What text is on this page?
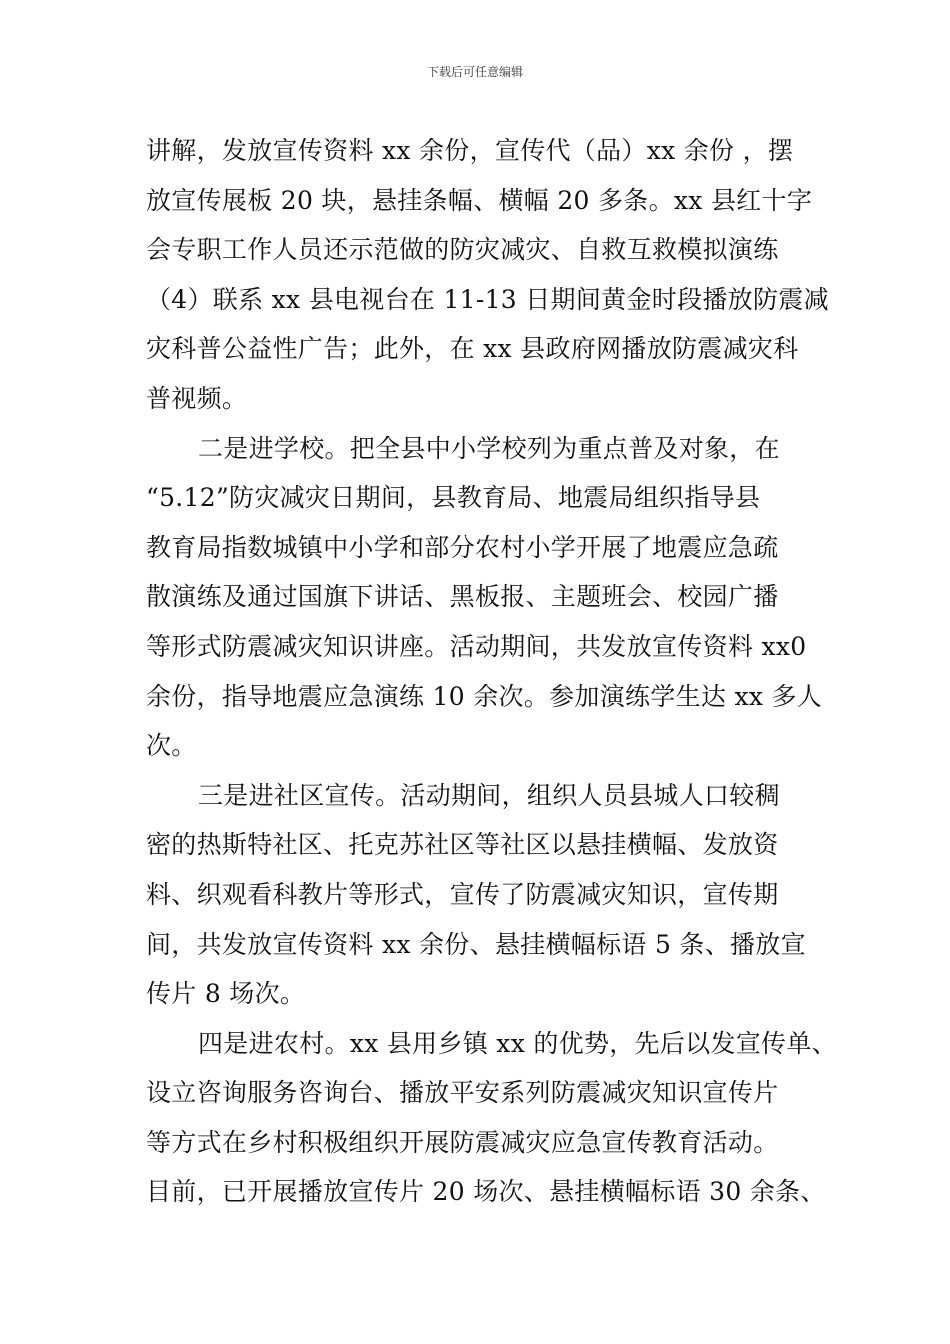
下载后可任意编辑
讲解，发放宣传资料 xx 余份，宣传代（品）xx 余份 ，摆
放宣传展板 20 块，悬挂条幅、横幅 20 多条。xx 县红十字
会专职工作人员还示范做的防灾减灾、自救互救模拟演练
（4）联系 xx 县电视台在 11-13 日期间黄金时段播放防震减
灾科普公益性广告；此外，在 xx 县政府网播放防震减灾科
普视频。
二是进学校。把全县中小学校列为重点普及对象，在
“5.12”防灾减灾日期间，县教育局、地震局组织指导县
教育局指数城镇中小学和部分农村小学开展了地震应急疏
散演练及通过国旗下讲话、黑板报、主题班会、校园广播
等形式防震减灾知识讲座。活动期间，共发放宣传资料 xx0
余份，指导地震应急演练 10 余次。参加演练学生达 xx 多人
次。
三是进社区宣传。活动期间，组织人员县城人口较稠
密的热斯特社区、托克苏社区等社区以悬挂横幅、发放资
料、织观看科教片等形式，宣传了防震减灾知识，宣传期
间，共发放宣传资料 xx 余份、悬挂横幅标语 5 条、播放宣
传片 8 场次。
四是进农村。xx 县用乡镇 xx 的优势，先后以发宣传单、
设立咨询服务咨询台、播放平安系列防震减灾知识宣传片
等方式在乡村积极组织开展防震减灾应急宣传教育活动。
目前，已开展播放宣传片 20 场次、悬挂横幅标语 30 余条、
